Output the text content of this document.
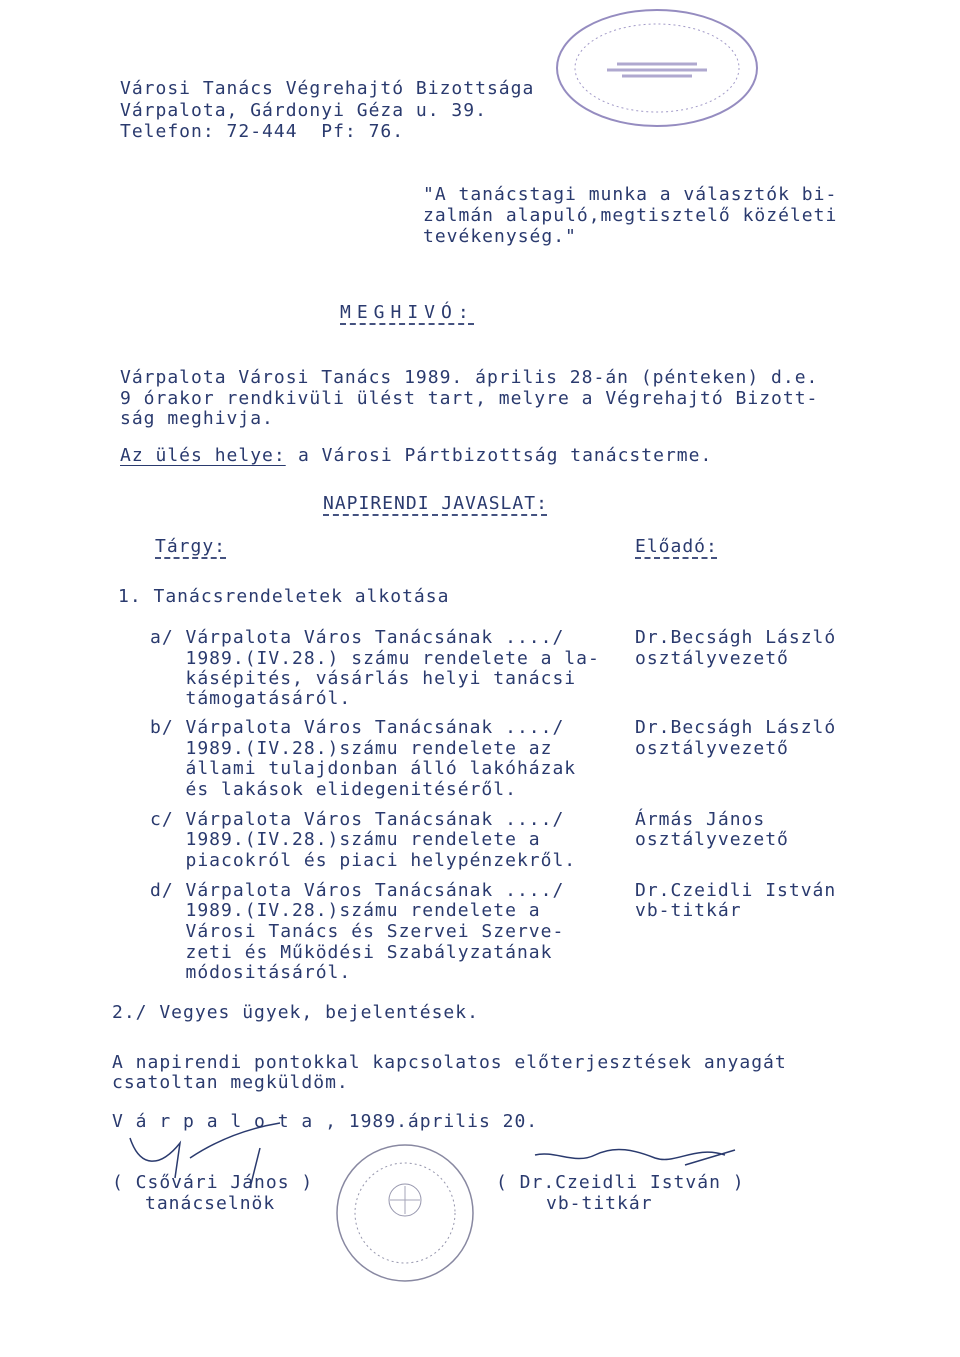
Városi Tanács Végrehajtó Bizottsága
Várpalota, Gárdonyi Géza u. 39.
Telefon: 72-444  Pf: 76.
"A tanácstagi munka a választók bi-
zalmán alapuló,megtisztelő közéleti
tevékenység."
MEGHIVÓ:
Várpalota Városi Tanács 1989. április 28-án (pénteken) d.e.
9 órakor rendkivüli ülést tart, melyre a Végrehajtó Bizott-
ság meghivja.
Az ülés helye: a Városi Pártbizottság tanácsterme.
NAPIRENDI JAVASLAT:
Tárgy:	Előadó:
1. Tanácsrendeletek alkotása
a/ Várpalota Város Tanácsának ..../
1989.(IV.28.) számu rendelete a la-
kásépités, vásárlás helyi tanácsi
támogatásáról.
Dr.Becságh László
osztályvezető
b/ Várpalota Város Tanácsának ..../
1989.(IV.28.)számu rendelete az
állami tulajdonban álló lakóházak
és lakások elidegenitéséről.
Dr.Becságh László
osztályvezető
c/ Várpalota Város Tanácsának ..../
1989.(IV.28.)számu rendelete a
piacokról és piaci helypénzekről.
Ármás János
osztályvezető
d/ Várpalota Város Tanácsának ..../
1989.(IV.28.)számu rendelete a
Városi Tanács és Szervei Szerve-
zeti és Működési Szabályzatának
módositásáról.
Dr.Czeidli István
vb-titkár
2./ Vegyes ügyek, bejelentések.
A napirendi pontokkal kapcsolatos előterjesztések anyagát
csatoltan megküldöm.
V á r p a l o t a , 1989.április 20.
( Csővári János )
tanácselnök
( Dr.Czeidli István )
vb-titkár
